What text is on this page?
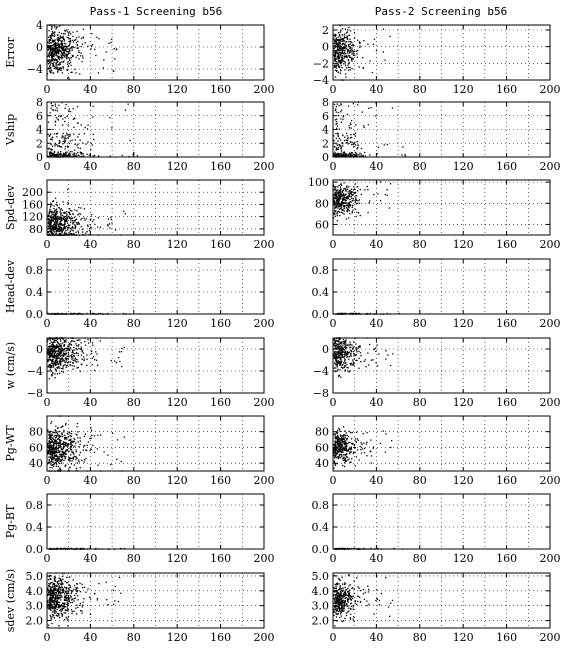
Pass-1 Screening b56	Pass-2 Screening b56
0	40	80 120 160 200
−4
0
4
Error
0	40	80 120 160 200
0
2
4
6
8
Vship
0	40	80 120 160 200
80
120
160
200
Spd-dev
0	40	80 120 160 200
0.0
0.4
0.8
Head-dev
0	40	80 120 160 200
−8
−4
0
w (cm/s)
0	40	80 120 160 200
40
60
80
Pg-WT
0	40	80 120 160 200
0.0
0.4
0.8
Pg-BT
0	40	80 120 160 200
2.0
3.0
4.0
5.0
sdev (cm/s)
0	40	80 120 160 200
−4
−2
0
2
0	40	80 120 160 200
0
2
4
6
8
0	40	80 120 160 200
60
80
100
0	40	80 120 160 200
0.0
0.4
0.8
0	40	80 120 160 200
−8
−4
0
0	40	80 120 160 200
40
60
80
0	40	80 120 160 200
0.0
0.4
0.8
0	40	80 120 160 200
2.0
3.0
4.0
5.0
